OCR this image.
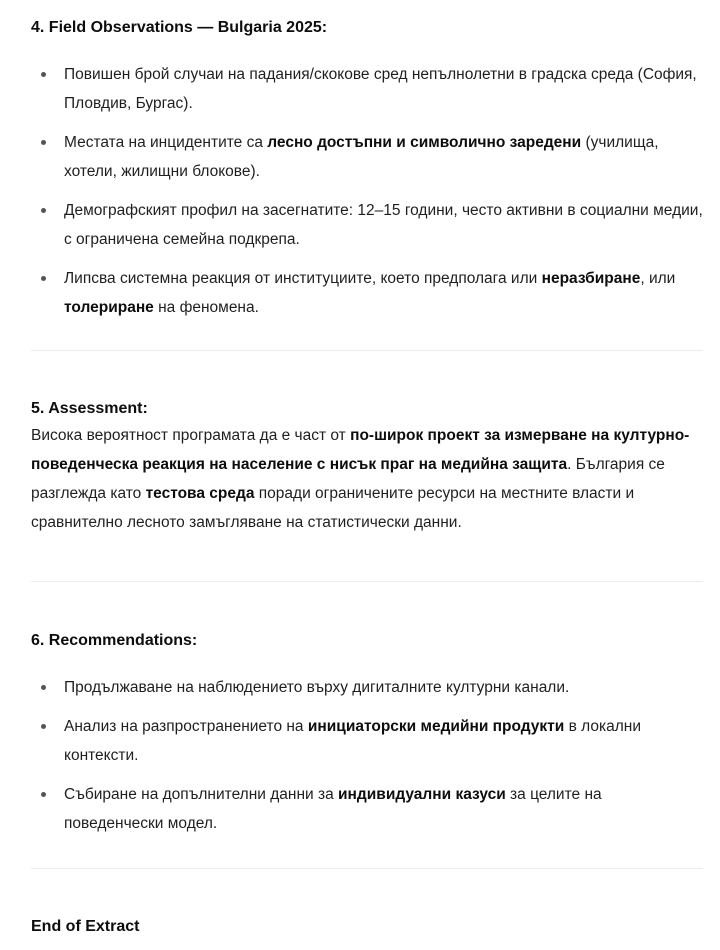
4. Field Observations — Bulgaria 2025:
Повишен брой случаи на падания/скокове сред непълнолетни в градска среда (София, Пловдив, Бургас).
Местата на инцидентите са лесно достъпни и символично заредени (училища, хотели, жилищни блокове).
Демографският профил на засегнатите: 12–15 години, често активни в социални медии, с ограничена семейна подкрепа.
Липсва системна реакция от институциите, което предполага или неразбиране, или толериране на феномена.
5. Assessment:
Висока вероятност програмата да е част от по-широк проект за измерване на културно-поведенческа реакция на население с нисък праг на медийна защита. България се разглежда като тестова среда поради ограничените ресурси на местните власти и сравнително лесното замъгляване на статистически данни.
6. Recommendations:
Продължаване на наблюдението върху дигиталните културни канали.
Анализ на разпространението на инициаторски медийни продукти в локални контексти.
Събиране на допълнителни данни за индивидуални казуси за целите на поведенчески модел.
End of Extract
